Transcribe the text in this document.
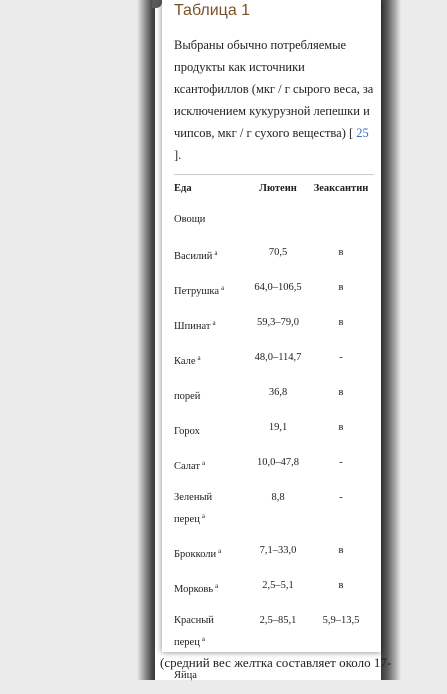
(средний вес желтка составляет около 17-
Таблица 1
Выбраны обычно потребляемые продукты как источники ксантофиллов (мкг / г сырого веса, за исключением кукурузной лепешки и чипсов, мкг / г сухого вещества) [ 25 ].
Еда	Лютеин	Зеаксантин
Овощи		
Василий $^a$	70,5	в
Петрушка $^a$	64,0–106,5	в
Шпинат $^a$	59,3–79,0	в
Кале $^a$	48,0–114,7	-
порей	36,8	в
Горох	19,1	в
Салат $^a$	10,0–47,8	-
Зеленый перец $^a$	8,8	-
Брокколи $^a$	7,1–33,0	в
Морковь $^a$	2,5–5,1	в
Красный перец $^a$	2,5–85,1	5,9–13,5
Яйца		
